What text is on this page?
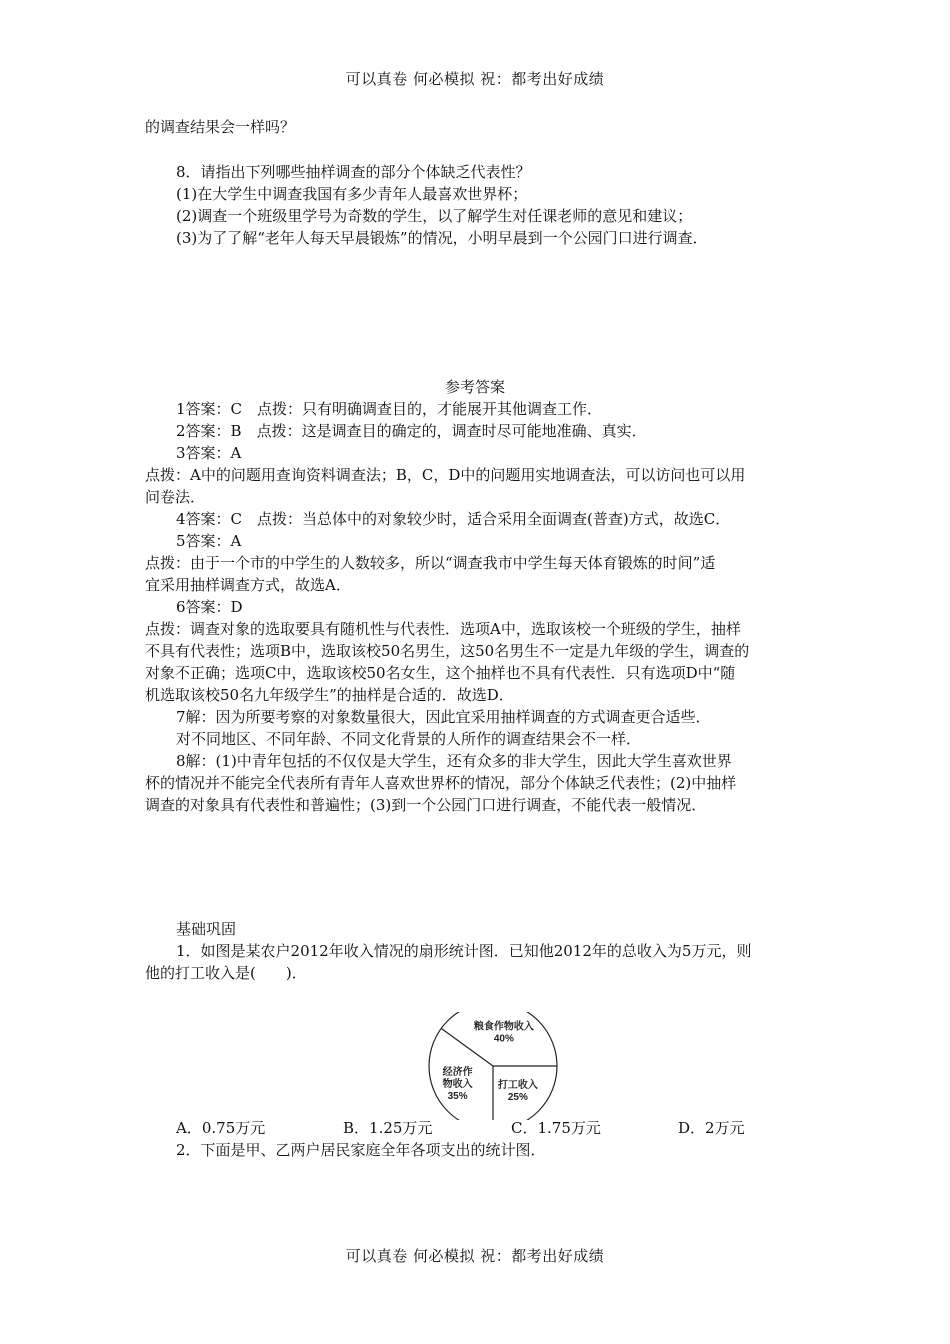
可以真卷 何必模拟 祝：都考出好成绩
的调查结果会一样吗？
8．请指出下列哪些抽样调查的部分个体缺乏代表性？
(1)在大学生中调查我国有多少青年人最喜欢世界杯；
(2)调查一个班级里学号为奇数的学生，以了解学生对任课老师的意见和建议；
(3)为了了解“老年人每天早晨锻炼”的情况，小明早晨到一个公园门口进行调查．
参考答案
1答案：C　点拨：只有明确调查目的，才能展开其他调查工作．
2答案：B　点拨：这是调查目的确定的，调查时尽可能地准确、真实．
3答案：A
点拨：A中的问题用查询资料调查法；B，C，D中的问题用实地调查法，可以访问也可以用
问卷法．
4答案：C　点拨：当总体中的对象较少时，适合采用全面调查(普查)方式，故选C．
5答案：A
点拨：由于一个市的中学生的人数较多，所以“调查我市中学生每天体育锻炼的时间”适
宜采用抽样调查方式，故选A．
6答案：D
点拨：调查对象的选取要具有随机性与代表性．选项A中，选取该校一个班级的学生，抽样
不具有代表性；选项B中，选取该校50名男生，这50名男生不一定是九年级的学生，调查的
对象不正确；选项C中，选取该校50名女生，这个抽样也不具有代表性．只有选项D中“随
机选取该校50名九年级学生”的抽样是合适的．故选D．
7解：因为所要考察的对象数量很大，因此宜采用抽样调查的方式调查更合适些．
对不同地区、不同年龄、不同文化背景的人所作的调查结果会不一样．
8解：(1)中青年包括的不仅仅是大学生，还有众多的非大学生，因此大学生喜欢世界
杯的情况并不能完全代表所有青年人喜欢世界杯的情况，部分个体缺乏代表性；(2)中抽样
调查的对象具有代表性和普遍性；(3)到一个公园门口进行调查，不能代表一般情况．
基础巩固
1．如图是某农户2012年收入情况的扇形统计图．已知他2012年的总收入为5万元，则
他的打工收入是(　　)．
打工收入
25%
粮食作物收入
40%
经济作
物收入
35%
A．0.75万元	B．1.25万元	C．1.75万元	D．2万元
2．下面是甲、乙两户居民家庭全年各项支出的统计图．
可以真卷 何必模拟 祝：都考出好成绩
